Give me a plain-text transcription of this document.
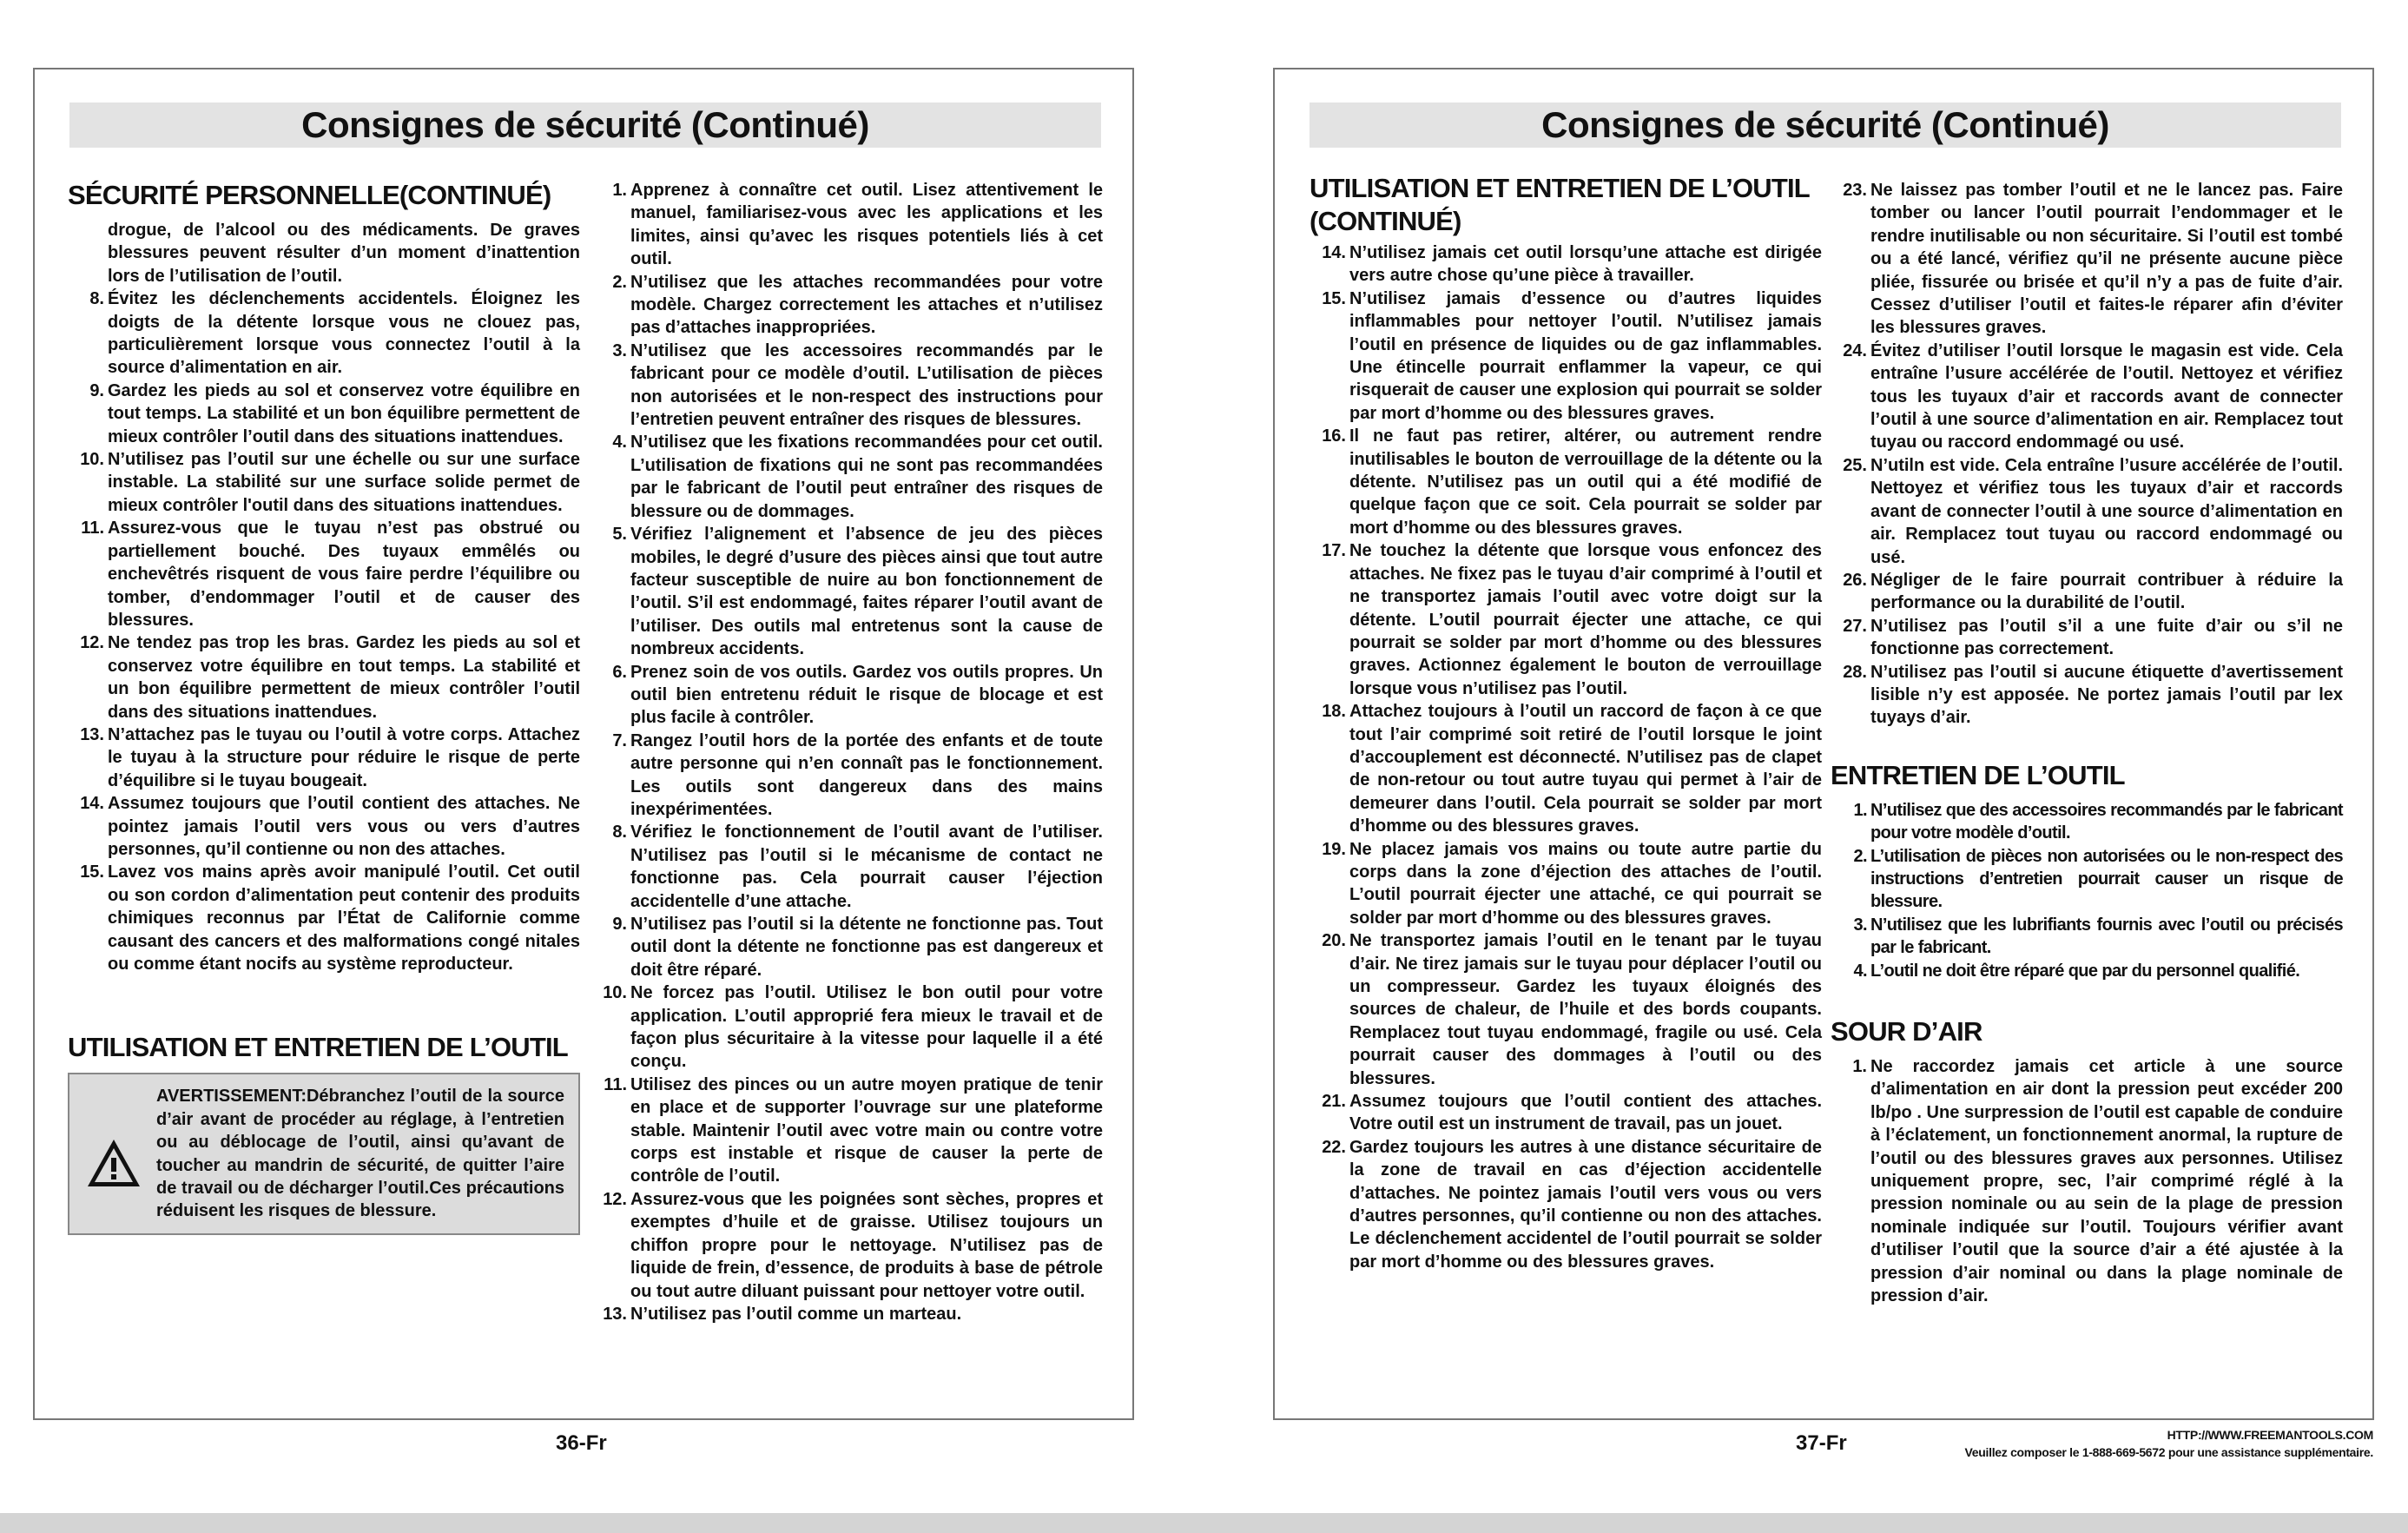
Consignes de sécurité (Continué)
SÉCURITÉ PERSONNELLE(CONTINUÉ)
drogue, de l’alcool ou des médicaments. De graves blessures peuvent résulter d’un moment d’inattention lors de l’utilisation de l’outil.
8. Évitez les déclenchements accidentels. Éloignez les doigts de la détente lorsque vous ne clouez pas, particulièrement lorsque vous connectez l’outil à la source d’alimentation en air.
9. Gardez les pieds au sol et conservez votre équilibre en tout temps. La stabilité et un bon équilibre permettent de mieux contrôler l’outil dans des situations inattendues.
10. N’utilisez pas l’outil sur une échelle ou sur une surface instable. La stabilité sur une surface solide permet de mieux contrôler l'outil dans des situations inattendues.
11. Assurez-vous que le tuyau n’est pas obstrué ou partiellement bouché. Des tuyaux emmêlés ou enchevêtrés risquent de vous faire perdre l’équilibre ou tomber, d’endommager l’outil et de causer des blessures.
12. Ne tendez pas trop les bras. Gardez les pieds au sol et conservez votre équilibre en tout temps. La stabilité et un bon équilibre permettent de mieux contrôler l’outil dans des situations inattendues.
13. N’attachez pas le tuyau ou l’outil à votre corps. Attachez le tuyau à la structure pour réduire le risque de perte d’équilibre si le tuyau bougeait.
14. Assumez toujours que l’outil contient des attaches. Ne pointez jamais l’outil vers vous ou vers d’autres personnes, qu’il contienne ou non des attaches.
15. Lavez vos mains après avoir manipulé l’outil. Cet outil ou son cordon d’alimentation peut contenir des produits chimiques reconnus par l’État de Californie comme causant des cancers et des malformations congé nitales ou comme étant nocifs au système reproducteur.
UTILISATION ET ENTRETIEN DE L’OUTIL
AVERTISSEMENT:Débranchez l’outil de la source d’air avant de procéder au réglage, à l’entretien ou au déblocage de l’outil, ainsi qu’avant de toucher au mandrin de sécurité, de quitter l’aire de travail ou de décharger l’outil.Ces précautions réduisent les risques de blessure.
1. Apprenez à connaître cet outil. Lisez attentivement le manuel, familiarisez-vous avec les applications et les limites, ainsi qu’avec les risques potentiels liés à cet outil.
2. N’utilisez que les attaches recommandées pour votre modèle. Chargez correctement les attaches et n’utilisez pas d’attaches inappropriées.
3. N’utilisez que les accessoires recommandés par le fabricant pour ce modèle d’outil. L’utilisation de pièces non autorisées et le non-respect des instructions pour l’entretien peuvent entraîner des risques de blessures.
4. N’utilisez que les fixations recommandées pour cet outil. L’utilisation de fixations qui ne sont pas recommandées par le fabricant de l’outil peut entraîner des risques de blessure ou de dommages.
5. Vérifiez l’alignement et l’absence de jeu des pièces mobiles, le degré d’usure des pièces ainsi que tout autre facteur susceptible de nuire au bon fonctionnement de l’outil. S’il est endommagé, faites réparer l’outil avant de l’utiliser. Des outils mal entretenus sont la cause de nombreux accidents.
6. Prenez soin de vos outils. Gardez vos outils propres. Un outil bien entretenu réduit le risque de blocage et est plus facile à contrôler.
7. Rangez l’outil hors de la portée des enfants et de toute autre personne qui n’en connaît pas le fonctionnement. Les outils sont dangereux dans des mains inexpérimentées.
8. Vérifiez le fonctionnement de l’outil avant de l’utiliser. N’utilisez pas l’outil si le mécanisme de contact ne fonctionne pas. Cela pourrait causer l’éjection accidentelle d’une attache.
9. N’utilisez pas l’outil si la détente ne fonctionne pas. Tout outil dont la détente ne fonctionne pas est dangereux et doit être réparé.
10. Ne forcez pas l’outil. Utilisez le bon outil pour votre application. L’outil approprié fera mieux le travail et de façon plus sécuritaire à la vitesse pour laquelle il a été conçu.
11. Utilisez des pinces ou un autre moyen pratique de tenir en place et de supporter l’ouvrage sur une plateforme stable. Maintenir l’outil avec votre main ou contre votre corps est instable et risque de causer la perte de contrôle de l’outil.
12. Assurez-vous que les poignées sont sèches, propres et exemptes d’huile et de graisse. Utilisez toujours un chiffon propre pour le nettoyage. N’utilisez pas de liquide de frein, d’essence, de produits à base de pétrole ou tout autre diluant puissant pour nettoyer votre outil.
13. N’utilisez pas l’outil comme un marteau.
36-Fr
Consignes de sécurité (Continué)
UTILISATION ET ENTRETIEN DE L’OUTIL
(CONTINUÉ)
14. N’utilisez jamais cet outil lorsqu’une attache est dirigée vers autre chose qu’une pièce à travailler.
15. N’utilisez jamais d’essence ou d’autres liquides inflammables pour nettoyer l’outil. N’utilisez jamais l’outil en présence de liquides ou de gaz inflammables. Une étincelle pourrait enflammer la vapeur, ce qui risquerait de causer une explosion qui pourrait se solder par mort d’homme ou des blessures graves.
16. Il ne faut pas retirer, altérer, ou autrement rendre inutilisables le bouton de verrouillage de la détente ou la détente. N’utilisez pas un outil qui a été modifié de quelque façon que ce soit. Cela pourrait se solder par mort d’homme ou des blessures graves.
17. Ne touchez la détente que lorsque vous enfoncez des attaches. Ne fixez pas le tuyau d’air comprimé à l’outil et ne transportez jamais l’outil avec votre doigt sur la détente. L’outil pourrait éjecter une attache, ce qui pourrait se solder par mort d’homme ou des blessures graves. Actionnez également le bouton de verrouillage lorsque vous n’utilisez pas l’outil.
18. Attachez toujours à l’outil un raccord de façon à ce que tout l’air comprimé soit retiré de l’outil lorsque le joint d’accouplement est déconnecté. N’utilisez pas de clapet de non-retour ou tout autre tuyau qui permet à l’air de demeurer dans l’outil. Cela pourrait se solder par mort d’homme ou des blessures graves.
19. Ne placez jamais vos mains ou toute autre partie du corps dans la zone d’éjection des attaches de l’outil. L’outil pourrait éjecter une attaché, ce qui pourrait se solder par mort d’homme ou des blessures graves.
20. Ne transportez jamais l’outil en le tenant par le tuyau d’air. Ne tirez jamais sur le tuyau pour déplacer l’outil ou un compresseur. Gardez les tuyaux éloignés des sources de chaleur, de l’huile et des bords coupants. Remplacez tout tuyau endommagé, fragile ou usé. Cela pourrait causer des dommages à l’outil ou des blessures.
21. Assumez toujours que l’outil contient des attaches. Votre outil est un instrument de travail, pas un jouet.
22. Gardez toujours les autres à une distance sécuritaire de la zone de travail en cas d’éjection accidentelle d’attaches. Ne pointez jamais l’outil vers vous ou vers d’autres personnes, qu’il contienne ou non des attaches. Le déclenchement accidentel de l’outil pourrait se solder par mort d’homme ou des blessures graves.
23. Ne laissez pas tomber l’outil et ne le lancez pas. Faire tomber ou lancer l’outil pourrait l’endommager et le rendre inutilisable ou non sécuritaire. Si l’outil est tombé ou a été lancé, vérifiez qu’il ne présente aucune pièce pliée, fissurée ou brisée et qu’il n’y a pas de fuite d’air. Cessez d’utiliser l’outil et faites-le réparer afin d’éviter les blessures graves.
24. Évitez d’utiliser l’outil lorsque le magasin est vide. Cela entraîne l’usure accélérée de l’outil. Nettoyez et vérifiez tous les tuyaux d’air et raccords avant de connecter l’outil à une source d’alimentation en air. Remplacez tout tuyau ou raccord endommagé ou usé.
25. N’utiln est vide. Cela entraîne l’usure accélérée de l’outil. Nettoyez et vérifiez tous les tuyaux d’air et raccords avant de connecter l’outil à une source d’alimentation en air. Remplacez tout tuyau ou raccord endommagé ou usé.
26. Négliger de le faire pourrait contribuer à réduire la performance ou la durabilité de l’outil.
27. N’utilisez pas l’outil s’il a une fuite d’air ou s’il ne fonctionne pas correctement.
28. N’utilisez pas l’outil si aucune étiquette d’avertissement lisible n’y est apposée. Ne portez jamais l’outil par lex tuyays d’air.
ENTRETIEN DE L’OUTIL
1. N’utilisez que des accessoires recommandés par le fabricant pour votre modèle d’outil.
2. L’utilisation de pièces non autorisées ou le non-respect des instructions d’entretien pourrait causer un risque de blessure.
3. N’utilisez que les lubrifiants fournis avec l’outil ou précisés par le fabricant.
4. L’outil ne doit être réparé que par du personnel qualifié.
SOUR D’AIR
1. Ne raccordez jamais cet article à une source d’alimentation en air dont la pression peut excéder 200 lb/po . Une surpression de l’outil est capable de conduire à l’éclatement, un fonctionnement anormal, la rupture de l’outil ou des blessures graves aux personnes. Utilisez uniquement propre, sec, l’air comprimé réglé à la pression nominale ou au sein de la plage de pression nominale indiquée sur l’outil. Toujours vérifier avant d’utiliser l’outil que la source d’air a été ajustée à la pression d’air nominal ou dans la plage nominale de pression d’air.
37-Fr	HTTP://WWW.FREEMANTOOLS.COM
Veuillez composer le 1-888-669-5672 pour une assistance supplémentaire.
